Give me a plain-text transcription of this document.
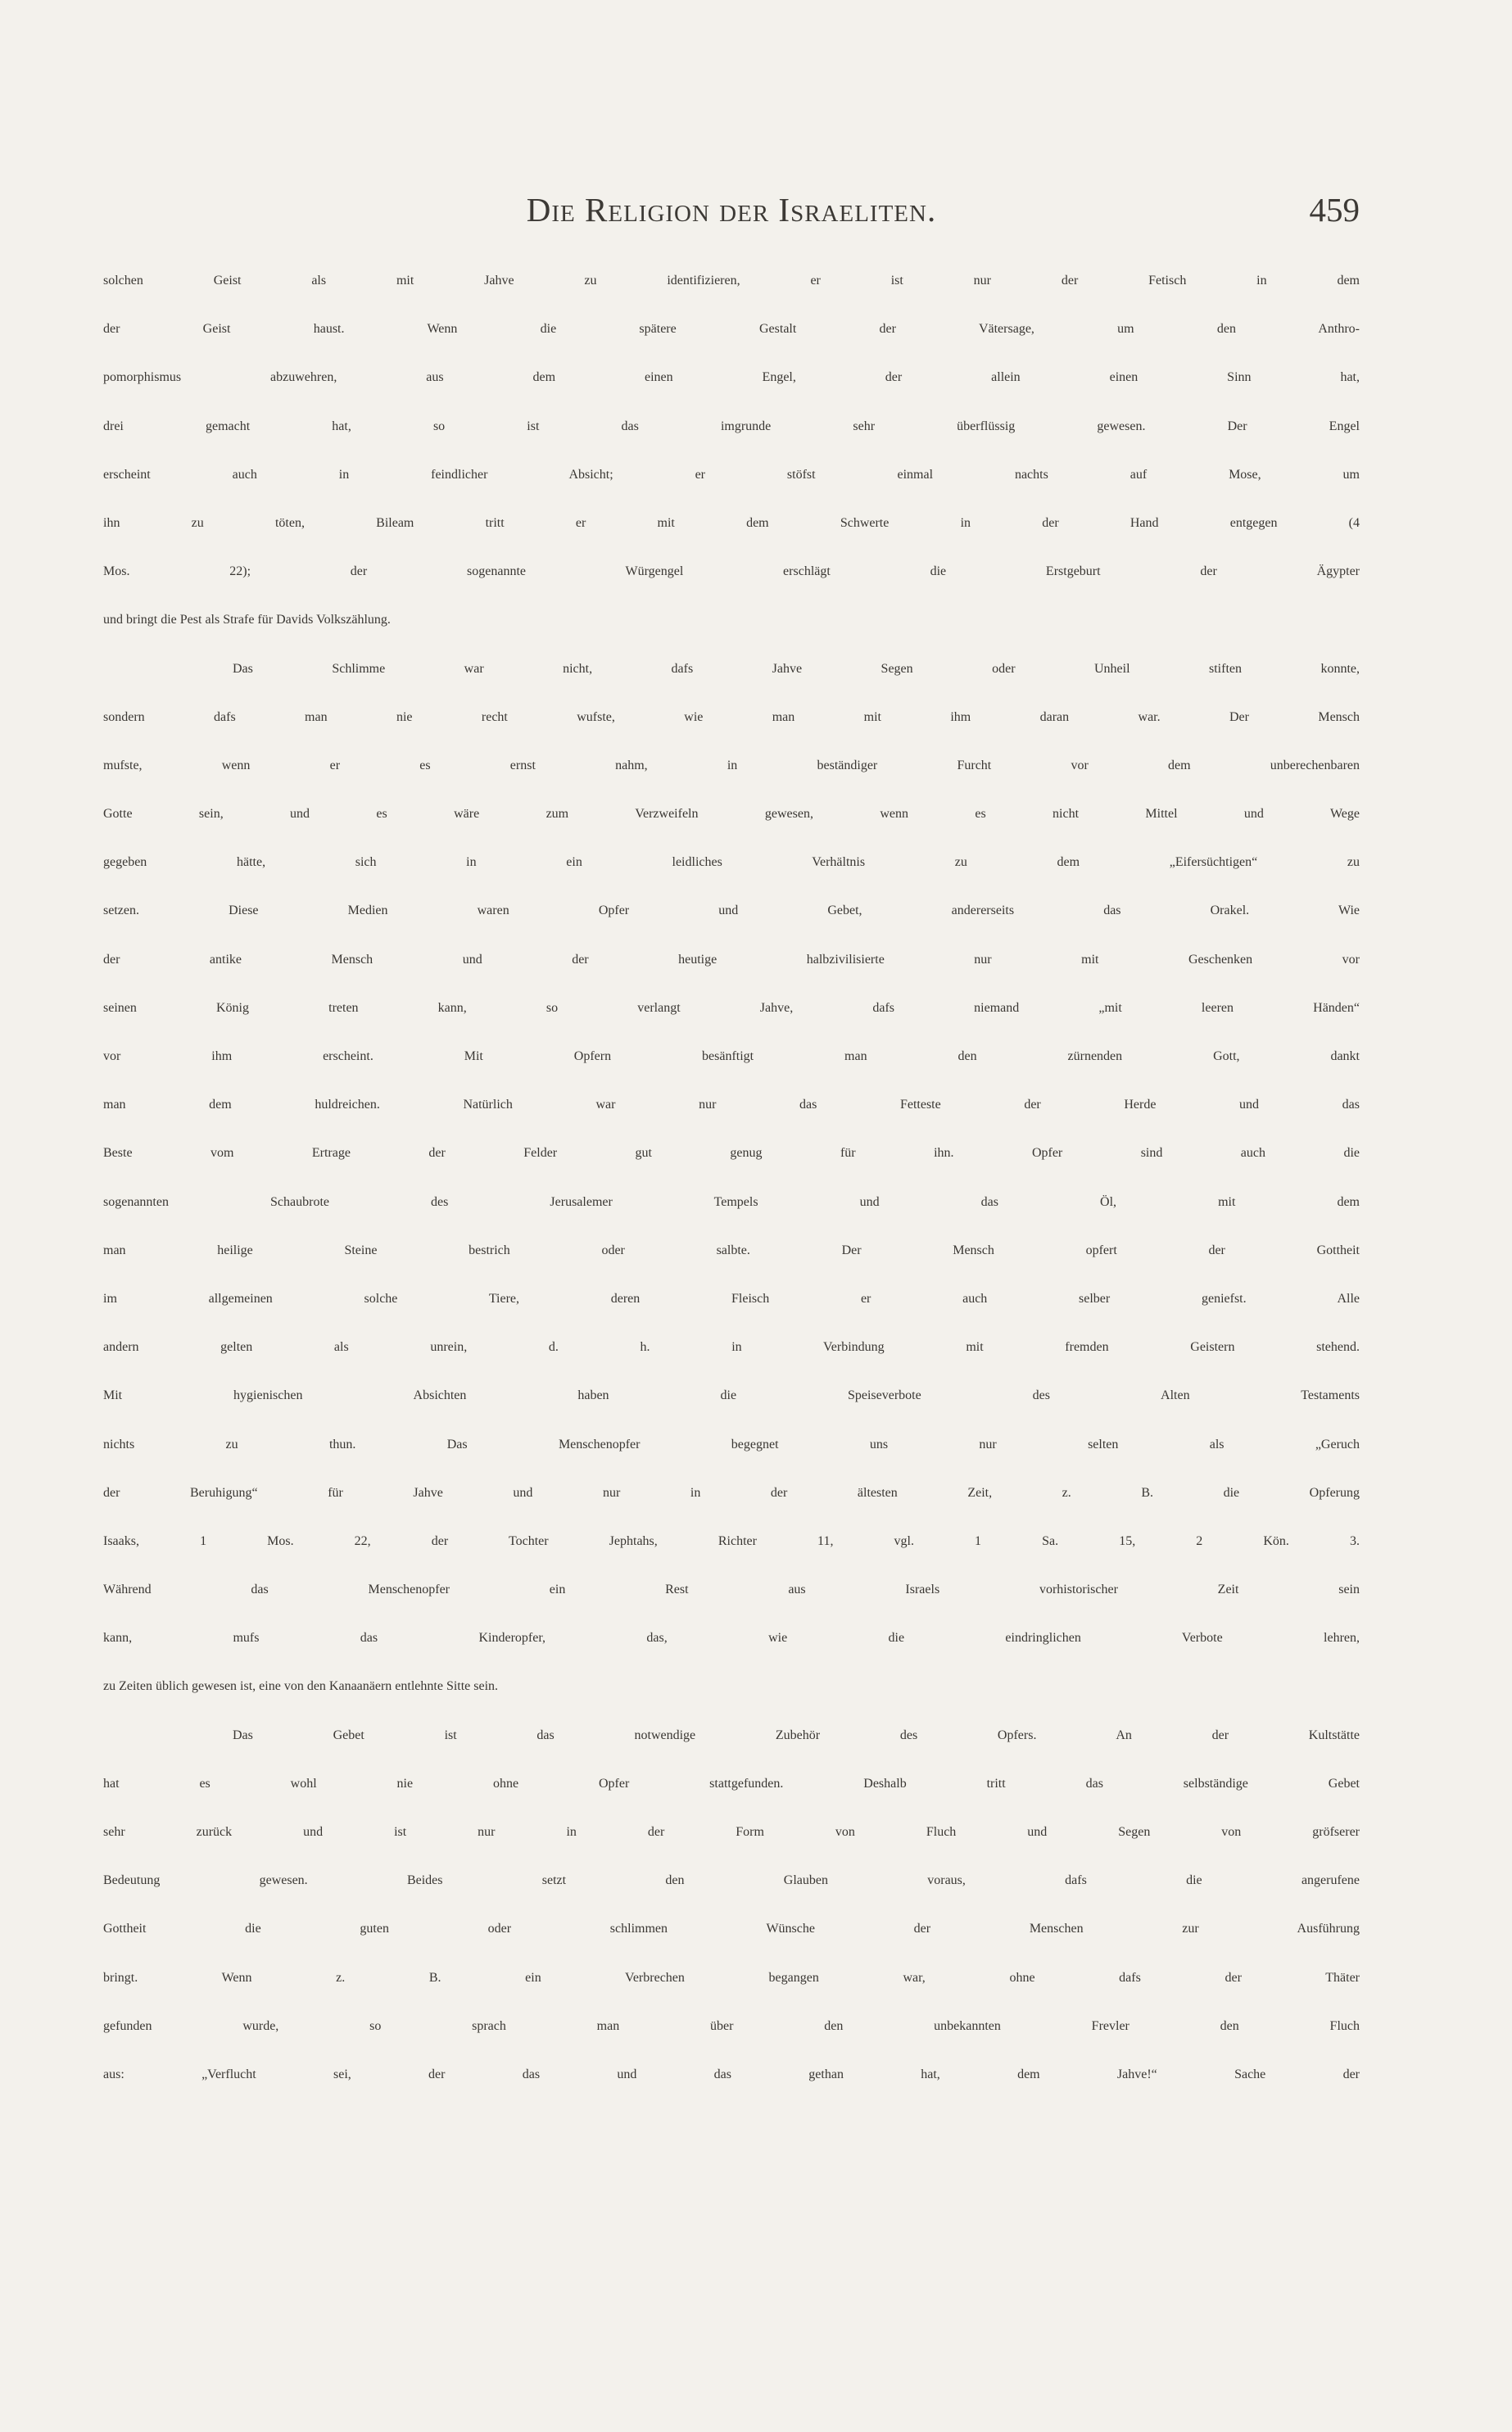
Die Religion der Israeliten.	459
solchen Geist als mit Jahve zu identifizieren, er ist nur der Fetisch in dem
der Geist haust. Wenn die spätere Gestalt der Vätersage, um den Anthro-
pomorphismus abzuwehren, aus dem einen Engel, der allein einen Sinn hat,
drei gemacht hat, so ist das imgrunde sehr überflüssig gewesen. Der Engel
erscheint auch in feindlicher Absicht; er stöfst einmal nachts auf Mose, um
ihn zu töten, Bileam tritt er mit dem Schwerte in der Hand entgegen (4
Mos. 22); der sogenannte Würgengel erschlägt die Erstgeburt der Ägypter
und bringt die Pest als Strafe für Davids Volkszählung.
Das Schlimme war nicht, dafs Jahve Segen oder Unheil stiften konnte,
sondern dafs man nie recht wufste, wie man mit ihm daran war. Der Mensch
mufste, wenn er es ernst nahm, in beständiger Furcht vor dem unberechenbaren
Gotte sein, und es wäre zum Verzweifeln gewesen, wenn es nicht Mittel und Wege
gegeben hätte, sich in ein leidliches Verhältnis zu dem „Eifersüchtigen“ zu
setzen. Diese Medien waren Opfer und Gebet, andererseits das Orakel. Wie
der antike Mensch und der heutige halbzivilisierte nur mit Geschenken vor
seinen König treten kann, so verlangt Jahve, dafs niemand „mit leeren Händen“
vor ihm erscheint. Mit Opfern besänftigt man den zürnenden Gott, dankt
man dem huldreichen. Natürlich war nur das Fetteste der Herde und das
Beste vom Ertrage der Felder gut genug für ihn. Opfer sind auch die
sogenannten Schaubrote des Jerusalemer Tempels und das Öl, mit dem
man heilige Steine bestrich oder salbte. Der Mensch opfert der Gottheit
im allgemeinen solche Tiere, deren Fleisch er auch selber geniefst. Alle
andern gelten als unrein, d. h. in Verbindung mit fremden Geistern stehend.
Mit hygienischen Absichten haben die Speiseverbote des Alten Testaments
nichts zu thun. Das Menschenopfer begegnet uns nur selten als „Geruch
der Beruhigung“ für Jahve und nur in der ältesten Zeit, z. B. die Opferung
Isaaks, 1 Mos. 22, der Tochter Jephtahs, Richter 11, vgl. 1 Sa. 15, 2 Kön. 3.
Während das Menschenopfer ein Rest aus Israels vorhistorischer Zeit sein
kann, mufs das Kinderopfer, das, wie die eindringlichen Verbote lehren,
zu Zeiten üblich gewesen ist, eine von den Kanaanäern entlehnte Sitte sein.
Das Gebet ist das notwendige Zubehör des Opfers. An der Kultstätte
hat es wohl nie ohne Opfer stattgefunden. Deshalb tritt das selbständige Gebet
sehr zurück und ist nur in der Form von Fluch und Segen von gröfserer
Bedeutung gewesen. Beides setzt den Glauben voraus, dafs die angerufene
Gottheit die guten oder schlimmen Wünsche der Menschen zur Ausführung
bringt. Wenn z. B. ein Verbrechen begangen war, ohne dafs der Thäter
gefunden wurde, so sprach man über den unbekannten Frevler den Fluch
aus: „Verflucht sei, der das und das gethan hat, dem Jahve!“ Sache der
